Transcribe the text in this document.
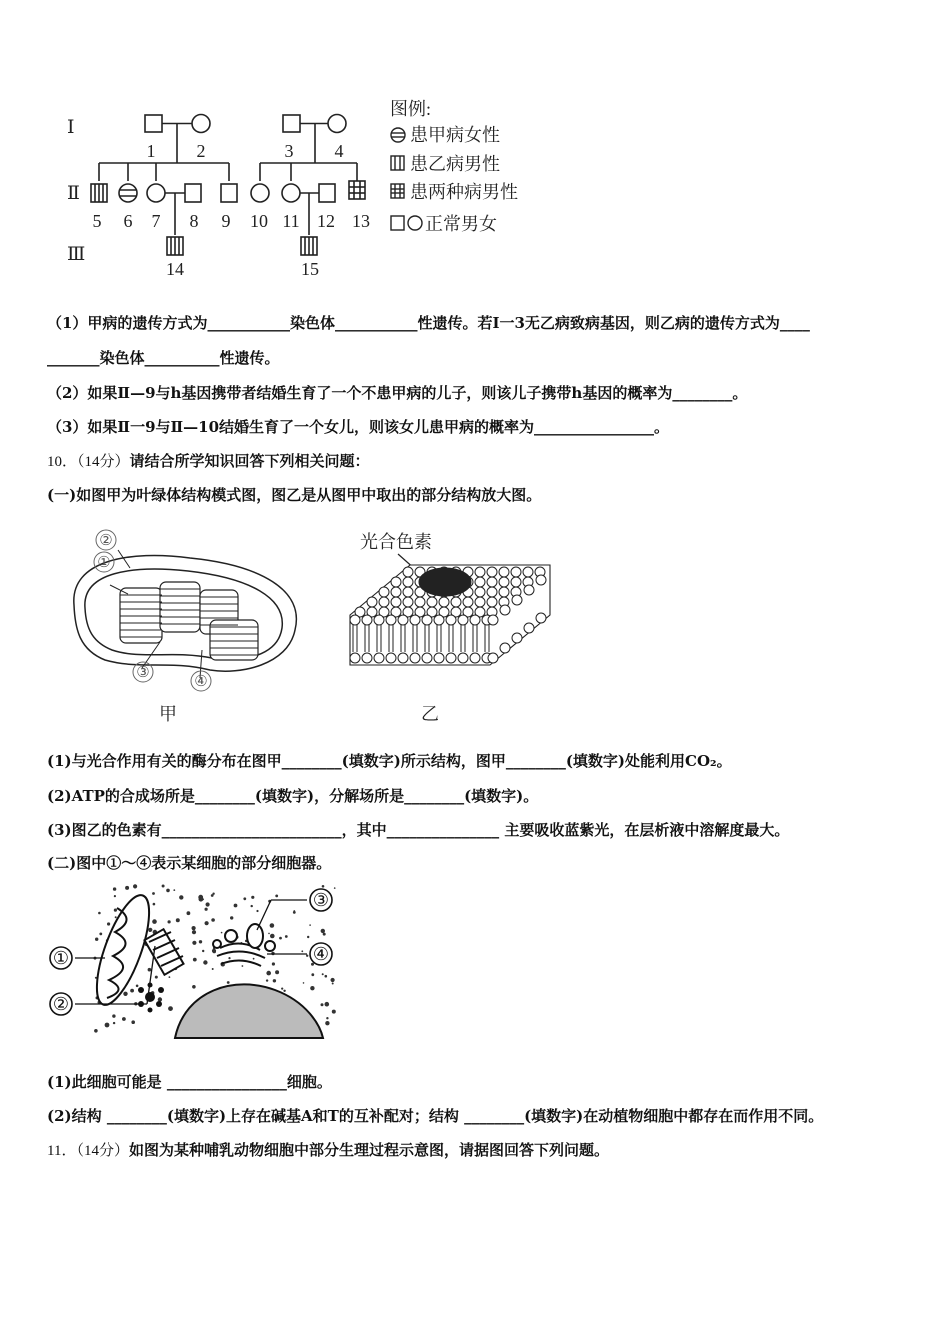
Ⅰ
Ⅱ
Ⅲ
1 2	3 4
5 6 7 8 9 10 11 12 13
14	15
图例:
患甲病女性
患乙病男性
患两种病男性
正常男女
（1）甲病的遗传方式为___________染色体___________性遗传。若Ⅰ一3无乙病致病基因，则乙病的遗传方式为____
_______染色体__________性遗传。
（2）如果Ⅱ—9与h基因携带者结婚生育了一个不患甲病的儿子，则该儿子携带h基因的概率为________。
（3）如果Ⅱ一9与Ⅱ—10结婚生育了一个女儿，则该女儿患甲病的概率为________________。
10．（14分）请结合所学知识回答下列相关问题：
(一)如图甲为叶绿体结构模式图，图乙是从图甲中取出的部分结构放大图。
①
②
③
④
甲
光合色素
乙
(1)与光合作用有关的酶分布在图甲________(填数字)所示结构，图甲________(填数字)处能利用CO₂。
(2)ATP的合成场所是________(填数字)，分解场所是________(填数字)。
(3)图乙的色素有________________________，其中_______________ 主要吸收蓝紫光，在层析液中溶解度最大。
(二)图中①～④表示某细胞的部分细胞器。
①
②
③
④
(1)此细胞可能是 ________________细胞。
(2)结构 ________(填数字)上存在碱基A和T的互补配对；结构 ________(填数字)在动植物细胞中都存在而作用不同。
11．（14分）如图为某种哺乳动物细胞中部分生理过程示意图，请据图回答下列问题。
